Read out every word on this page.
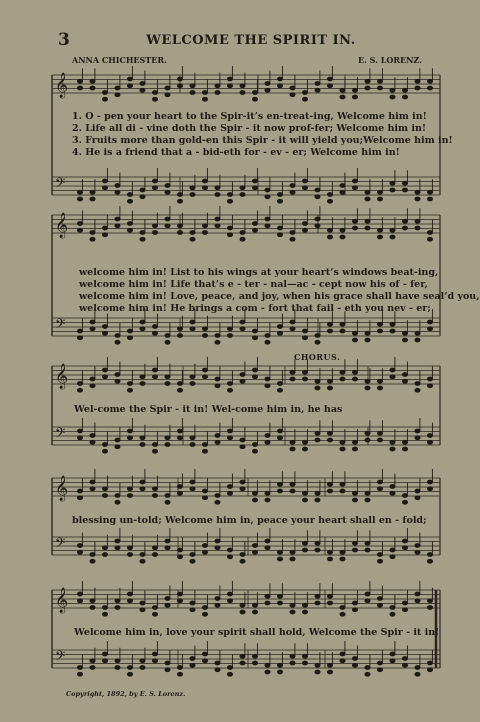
3	WELCOME THE SPIRIT IN.
ANNA CHICHESTER.	E. S. LORENZ.
𝄞
𝄢
𝄞
𝄢
𝄞
𝄢
𝄞
𝄢
𝄞
𝄢
1. O - pen your heart to the Spir-it’s en-treat-ing, Welcome him in!
2. Life all di - vine doth the Spir - it now prof-fer; Welcome him in!
3. Fruits more than gold-en this Spir - it will yield you;Welcome him in!
4. He is a friend that a - bid-eth for - ev - er; Welcome him in!
welcome him in! List to his wings at your heart’s windows beat-ing,
welcome him in! Life that’s e - ter - nal—ac - cept now his of - fer,
welcome him in! Love, peace, and joy, when his grace shall have seal’d you,
welcome him in! He brings a com - fort that fail - eth you nev - er;
CHORUS.
Wel-come the Spir - it in! Wel-come him in, he has
blessing un-told; Welcome him in, peace your heart shall en - fold;
Welcome him in, love your spirit shall hold, Welcome the Spir - it in!
Copyright, 1892, by E. S. Lorenz.
